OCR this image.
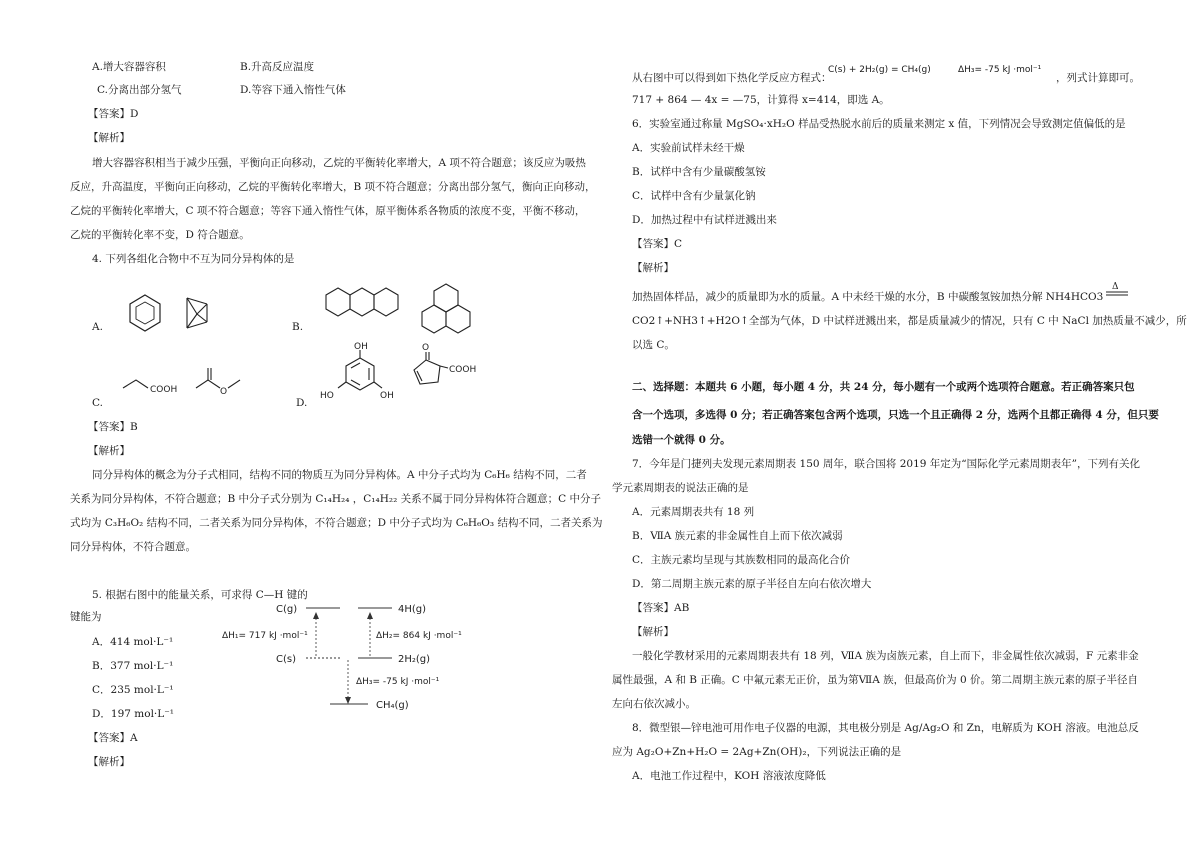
A.增大容器容积	B.升高反应温度
C.分离出部分氢气	D.等容下通入惰性气体
【答案】D
【解析】
增大容器容积相当于减少压强，平衡向正向移动，乙烷的平衡转化率增大，A 项不符合题意；该反应为吸热
反应，升高温度，平衡向正向移动，乙烷的平衡转化率增大，B 项不符合题意；分离出部分氢气，衡向正向移动，
乙烷的平衡转化率增大，C 项不符合题意；等容下通入惰性气体，原平衡体系各物质的浓度不变，平衡不移动，
乙烷的平衡转化率不变，D 符合题意。
4. 下列各组化合物中不互为同分异构体的是
A.	B.
C.
COOH	O
D.
OH
HO	OH
O
COOH
【答案】B
【解析】
同分异构体的概念为分子式相同，结构不同的物质互为同分异构体。A 中分子式均为 C₆H₆ 结构不同，二者
关系为同分异构体，不符合题意；B 中分子式分别为 C₁₄H₂₄ ，C₁₄H₂₂ 关系不属于同分异构体符合题意；C 中分子
式均为 C₃H₆O₂ 结构不同，二者关系为同分异构体，不符合题意；D 中分子式均为 C₆H₆O₃ 结构不同，二者关系为
同分异构体，不符合题意。
5. 根据右图中的能量关系，可求得 C—H 键的
键能为
A．414 mol·L⁻¹
B．377 mol·L⁻¹
C．235 mol·L⁻¹
D．197 mol·L⁻¹
【答案】A
【解析】
C(g)	4H(g)
ΔH₁= 717 kJ ·mol⁻¹	ΔH₂= 864 kJ ·mol⁻¹
C(s)	2H₂(g)
ΔH₃= -75 kJ ·mol⁻¹
CH₄(g)
从右图中可以得到如下热化学反应方程式：
C(s) + 2H₂(g) = CH₄(g)	ΔH₃= -75 kJ ·mol⁻¹
，列式计算即可。
717 + 864 — 4x = —75，计算得 x=414，即选 A。
6．实验室通过称量 MgSO₄·xH₂O 样品受热脱水前后的质量来测定 x 值，下列情况会导致测定值偏低的是
A．实验前试样未经干燥
B．试样中含有少量碳酸氢铵
C．试样中含有少量氯化钠
D．加热过程中有试样迸溅出来
【答案】C
【解析】
加热固体样品，减少的质量即为水的质量。A 中未经干燥的水分，B 中碳酸氢铵加热分解 NH4HCO3
Δ
CO2↑+NH3↑+H2O↑全部为气体，D 中试样迸溅出来，都是质量减少的情况，只有 C 中 NaCl 加热质量不减少，所
以选 C。
二、选择题：本题共 6 小题，每小题 4 分，共 24 分，每小题有一个或两个选项符合题意。若正确答案只包
含一个选项，多选得 0 分；若正确答案包含两个选项，只选一个且正确得 2 分，选两个且都正确得 4 分，但只要
选错一个就得 0 分。
7．今年是门捷列夫发现元素周期表 150 周年，联合国将 2019 年定为“国际化学元素周期表年”，下列有关化
学元素周期表的说法正确的是
A．元素周期表共有 18 列
B．ⅦA 族元素的非金属性自上而下依次减弱
C．主族元素均呈现与其族数相同的最高化合价
D．第二周期主族元素的原子半径自左向右依次增大
【答案】AB
【解析】
一般化学教材采用的元素周期表共有 18 列，ⅦA 族为卤族元素，自上而下，非金属性依次减弱，F 元素非金
属性最强，A 和 B 正确。C 中氟元素无正价，虽为第ⅦA 族，但最高价为 0 价。第二周期主族元素的原子半径自
左向右依次减小。
8．微型银—锌电池可用作电子仪器的电源，其电极分别是 Ag/Ag₂O 和 Zn，电解质为 KOH 溶液。电池总反
应为 Ag₂O+Zn+H₂O = 2Ag+Zn(OH)₂，下列说法正确的是
A．电池工作过程中，KOH 溶液浓度降低
